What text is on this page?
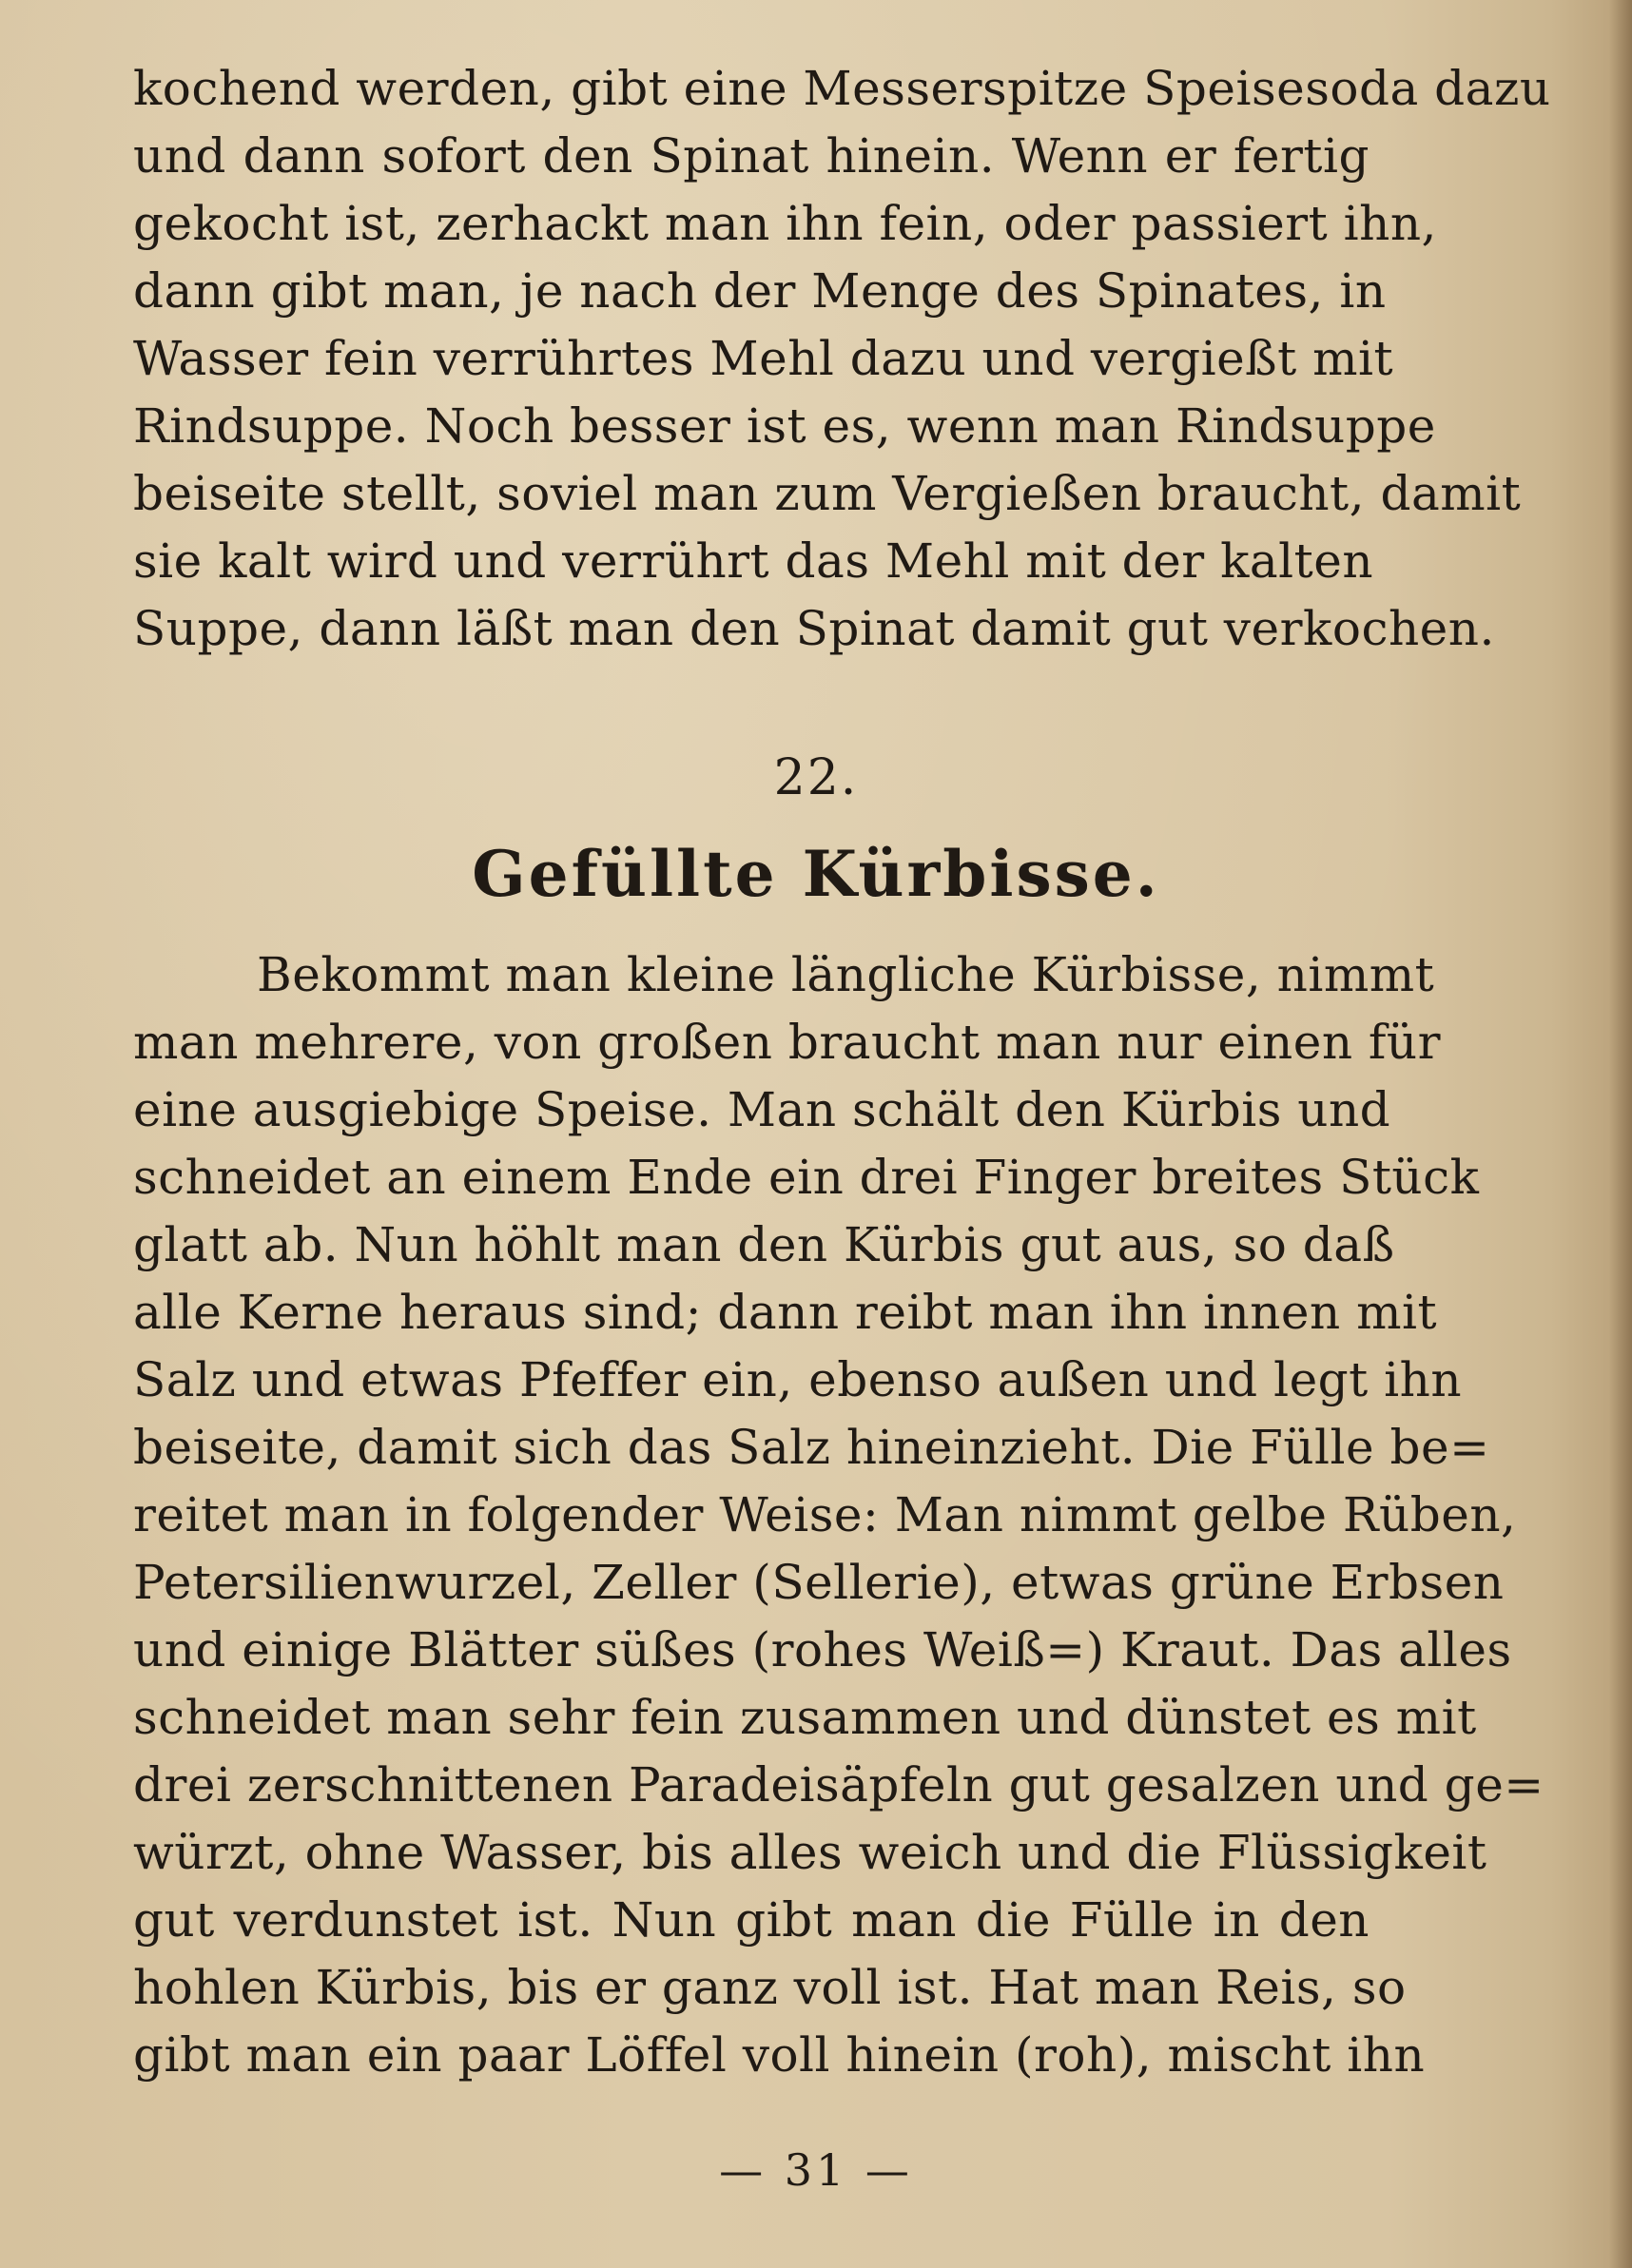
kochend werden, gibt eine Messerspitze Speisesoda dazu
und dann sofort den Spinat hinein. Wenn er fertig
gekocht ist, zerhackt man ihn fein, oder passiert ihn,
dann gibt man, je nach der Menge des Spinates, in
Wasser fein verrührtes Mehl dazu und vergießt mit
Rindsuppe. Noch besser ist es, wenn man Rindsuppe
beiseite stellt, soviel man zum Vergießen braucht, damit
sie kalt wird und verrührt das Mehl mit der kalten
Suppe, dann läßt man den Spinat damit gut verkochen.

22.
Gefüllte Kürbisse.

Bekommt man kleine längliche Kürbisse, nimmt
man mehrere, von großen braucht man nur einen für
eine ausgiebige Speise. Man schält den Kürbis und
schneidet an einem Ende ein drei Finger breites Stück
glatt ab. Nun höhlt man den Kürbis gut aus, so daß
alle Kerne heraus sind; dann reibt man ihn innen mit
Salz und etwas Pfeffer ein, ebenso außen und legt ihn
beiseite, damit sich das Salz hineinzieht. Die Fülle be=
reitet man in folgender Weise: Man nimmt gelbe Rüben,
Petersilienwurzel, Zeller (Sellerie), etwas grüne Erbsen
und einige Blätter süßes (rohes Weiß=) Kraut. Das alles
schneidet man sehr fein zusammen und dünstet es mit
drei zerschnittenen Paradeisäpfeln gut gesalzen und ge=
würzt, ohne Wasser, bis alles weich und die Flüssigkeit
gut verdunstet ist. Nun gibt man die Fülle in den
hohlen Kürbis, bis er ganz voll ist. Hat man Reis, so
gibt man ein paar Löffel voll hinein (roh), mischt ihn

— 31 —
